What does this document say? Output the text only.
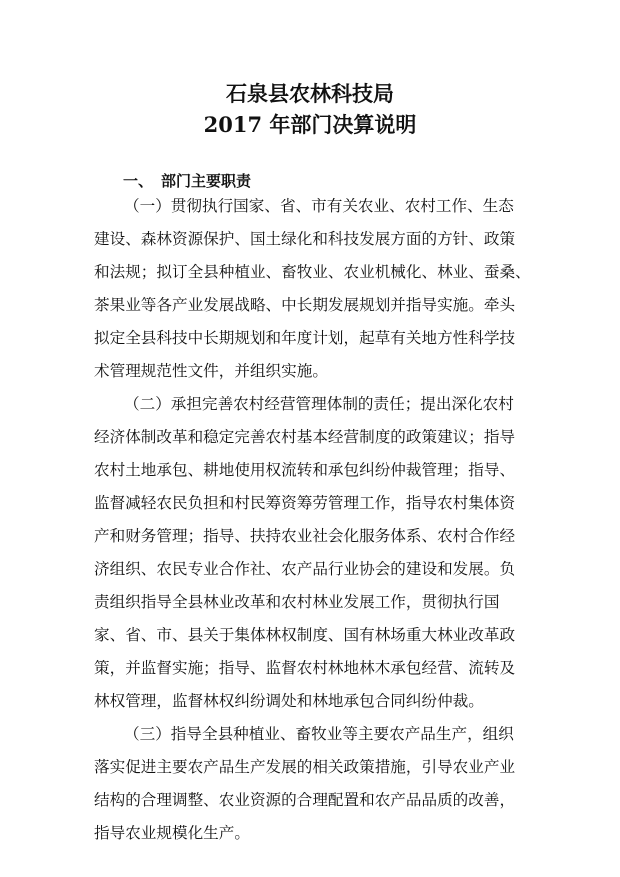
石泉县农林科技局
2017 年部门决算说明
一、 部门主要职责

（一）贯彻执行国家、省、市有关农业、农村工作、生态

建设、森林资源保护、国土绿化和科技发展方面的方针、政策

和法规；拟订全县种植业、畜牧业、农业机械化、林业、蚕桑、

茶果业等各产业发展战略、中长期发展规划并指导实施。牵头

拟定全县科技中长期规划和年度计划，起草有关地方性科学技

术管理规范性文件，并组织实施。

（二）承担完善农村经营管理体制的责任；提出深化农村

经济体制改革和稳定完善农村基本经营制度的政策建议；指导

农村土地承包、耕地使用权流转和承包纠纷仲裁管理；指导、

监督减轻农民负担和村民筹资筹劳管理工作，指导农村集体资

产和财务管理；指导、扶持农业社会化服务体系、农村合作经

济组织、农民专业合作社、农产品行业协会的建设和发展。负

责组织指导全县林业改革和农村林业发展工作，贯彻执行国

家、省、市、县关于集体林权制度、国有林场重大林业改革政

策，并监督实施；指导、监督农村林地林木承包经营、流转及

林权管理，监督林权纠纷调处和林地承包合同纠纷仲裁。

（三）指导全县种植业、畜牧业等主要农产品生产，组织

落实促进主要农产品生产发展的相关政策措施，引导农业产业

结构的合理调整、农业资源的合理配置和农产品品质的改善，

指导农业规模化生产。
